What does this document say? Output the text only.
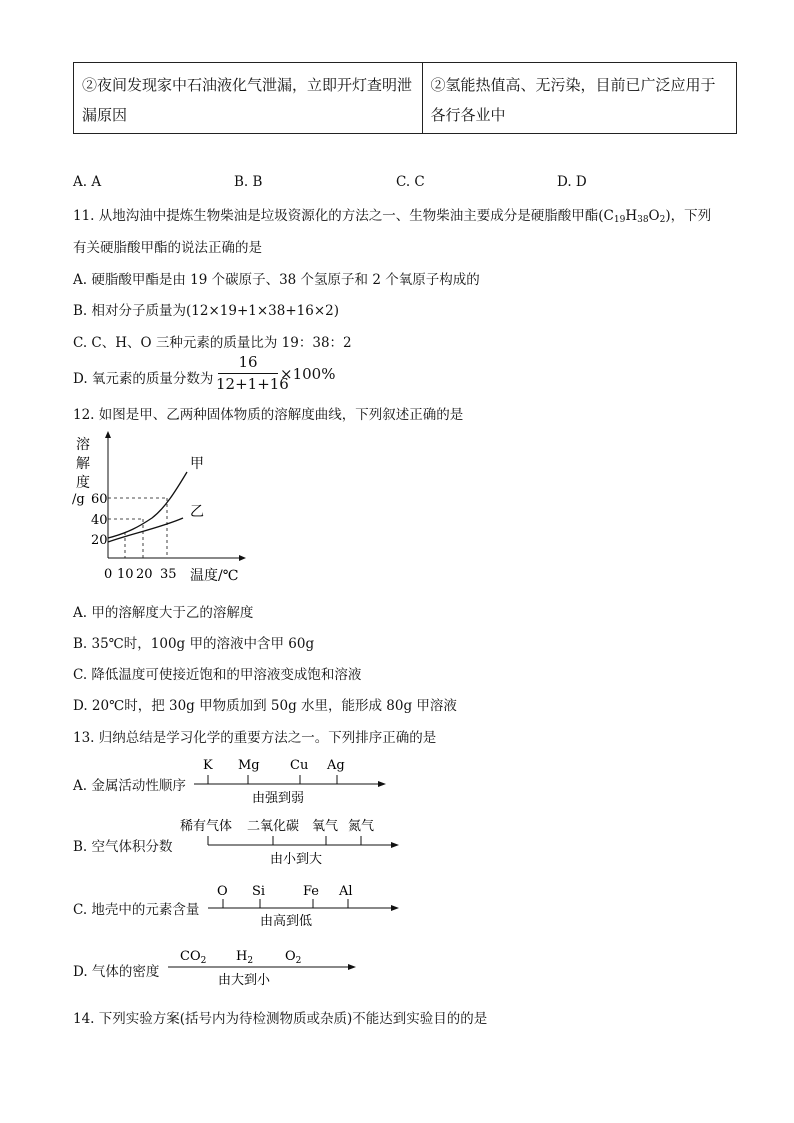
②夜间发现家中石油液化气泄漏，立即开灯查明泄漏原因	②氢能热值高、无污染，目前已广泛应用于各行各业中
A. A	B. B	C. C	D. D
11. 从地沟油中提炼生物柴油是垃圾资源化的方法之一、生物柴油主要成分是硬脂酸甲酯$(C_{19}H_{38}O_2)$，下列
有关硬脂酸甲酯的说法正确的是
A. 硬脂酸甲酯是由 19 个碳原子、38 个氢原子和 2 个氧原子构成的
B. 相对分子质量为(12×19+1×38+16×2)
C. C、H、O 三种元素的质量比为 19：38：2
D. 氧元素的质量分数为
16
12+1+16
×100%
12. 如图是甲、乙两种固体物质的溶解度曲线，下列叙述正确的是
溶
解
度
/g 60
40
20
甲
乙
0 10 20 35 温度/℃
A. 甲的溶解度大于乙的溶解度
B. 35℃时，100g 甲的溶液中含甲 60g
C. 降低温度可使接近饱和的甲溶液变成饱和溶液
D. 20℃时，把 30g 甲物质加到 50g 水里，能形成 80g 甲溶液
13. 归纳总结是学习化学的重要方法之一。下列排序正确的是
A. 金属活动性顺序
K Mg Cu Ag
由强到弱
B. 空气体积分数
稀有气体 二氧化碳 氧气 氮气
由小到大
C. 地壳中的元素含量
O Si	Fe Al
由高到低
D. 气体的密度
$CO_2$ $H_2$ $O_2$
由大到小
14. 下列实验方案(括号内为待检测物质或杂质)不能达到实验目的的是
